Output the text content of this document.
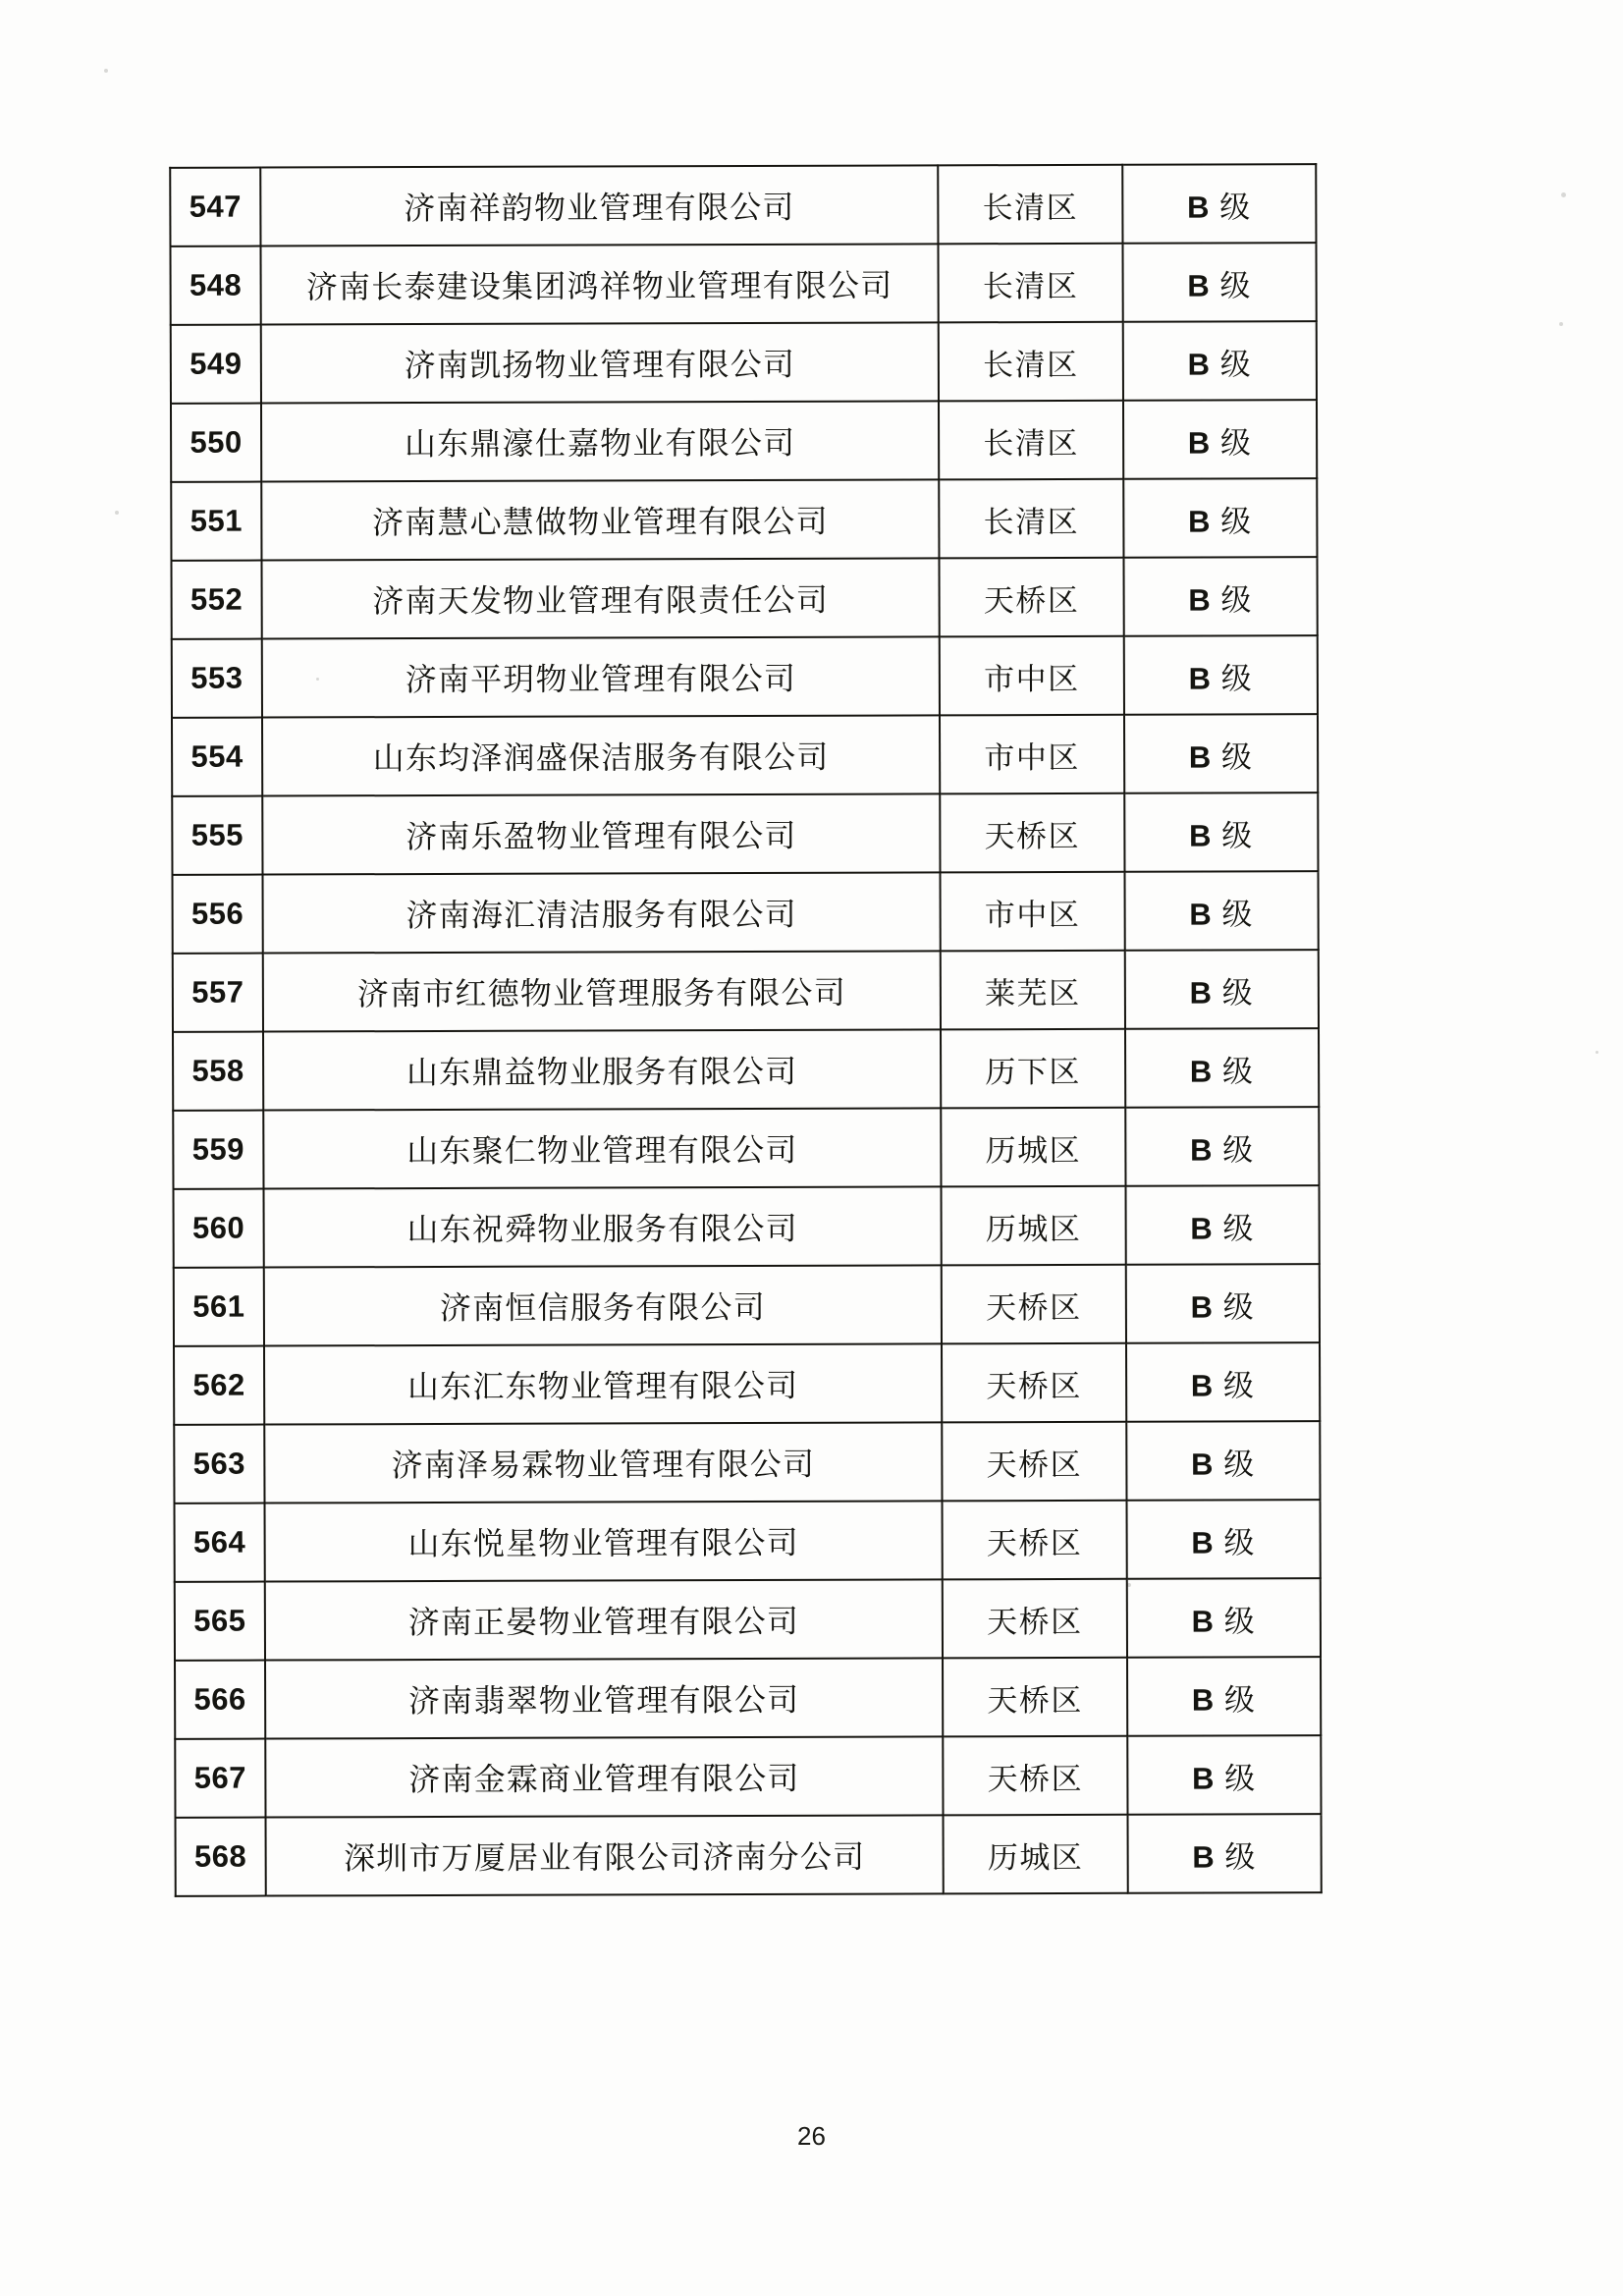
547	济南祥韵物业管理有限公司	长清区	B 级
548	济南长泰建设集团鸿祥物业管理有限公司	长清区	B 级
549	济南凯扬物业管理有限公司	长清区	B 级
550	山东鼎濠仕嘉物业有限公司	长清区	B 级
551	济南慧心慧做物业管理有限公司	长清区	B 级
552	济南天发物业管理有限责任公司	天桥区	B 级
553	济南平玥物业管理有限公司	市中区	B 级
554	山东均泽润盛保洁服务有限公司	市中区	B 级
555	济南乐盈物业管理有限公司	天桥区	B 级
556	济南海汇清洁服务有限公司	市中区	B 级
557	济南市红德物业管理服务有限公司	莱芜区	B 级
558	山东鼎益物业服务有限公司	历下区	B 级
559	山东聚仁物业管理有限公司	历城区	B 级
560	山东祝舜物业服务有限公司	历城区	B 级
561	济南恒信服务有限公司	天桥区	B 级
562	山东汇东物业管理有限公司	天桥区	B 级
563	济南泽易霖物业管理有限公司	天桥区	B 级
564	山东悦星物业管理有限公司	天桥区	B 级
565	济南正晏物业管理有限公司	天桥区	B 级
566	济南翡翠物业管理有限公司	天桥区	B 级
567	济南金霖商业管理有限公司	天桥区	B 级
568	深圳市万厦居业有限公司济南分公司	历城区	B 级
26
